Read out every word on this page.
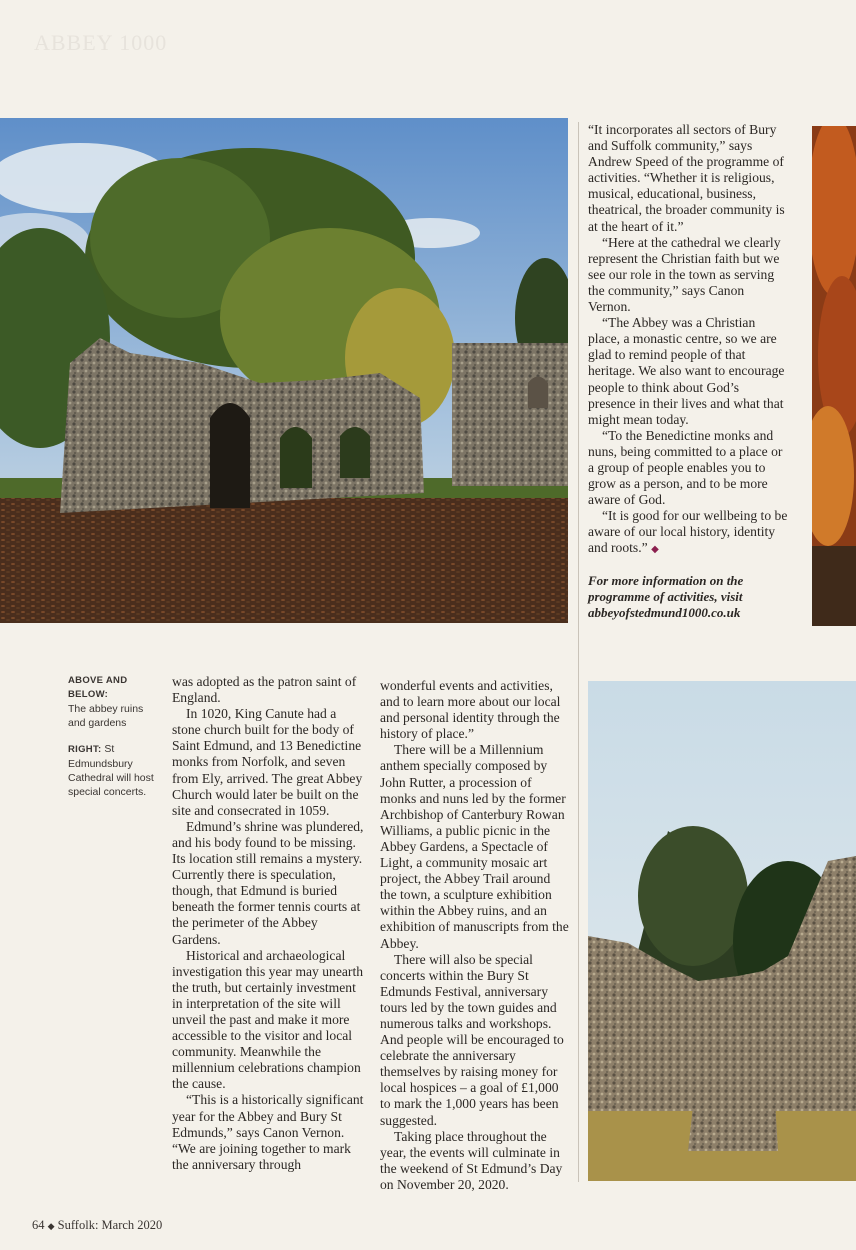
ABBEY 1000

“It incorporates all sectors of Bury and Suffolk community,” says Andrew Speed of the programme of activities. “Whether it is religious, musical, educational, business, theatrical, the broader community is at the heart of it.”

“Here at the cathedral we clearly represent the Christian faith but we see our role in the town as serving the community,” says Canon Vernon.

“The Abbey was a Christian place, a monastic centre, so we are glad to remind people of that heritage. We also want to encourage people to think about God’s presence in their lives and what that might mean today.

“To the Benedictine monks and nuns, being committed to a place or a group of people enables you to grow as a person, and to be more aware of God.

“It is good for our wellbeing to be aware of our local history, identity and roots.” ◆

For more information on the programme of activities, visit abbeyofstedmund1000.co.uk

ABOVE AND BELOW:
The abbey ruins and gardens
RIGHT: St Edmundsbury Cathedral will host special concerts.

was adopted as the patron saint of England.

In 1020, King Canute had a stone church built for the body of Saint Edmund, and 13 Benedictine monks from Norfolk, and seven from Ely, arrived. The great Abbey Church would later be built on the site and consecrated in 1059.

Edmund’s shrine was plundered, and his body found to be missing. Its location still remains a mystery. Currently there is speculation, though, that Edmund is buried beneath the former tennis courts at the perimeter of the Abbey Gardens.

Historical and archaeological investigation this year may unearth the truth, but certainly investment in interpretation of the site will unveil the past and make it more accessible to the visitor and local community. Meanwhile the millennium celebrations champion the cause.

“This is a historically significant year for the Abbey and Bury St Edmunds,” says Canon Vernon. “We are joining together to mark the anniversary through

wonderful events and activities, and to learn more about our local and personal identity through the history of place.”

There will be a Millennium anthem specially composed by John Rutter, a procession of monks and nuns led by the former Archbishop of Canterbury Rowan Williams, a public picnic in the Abbey Gardens, a Spectacle of Light, a community mosaic art project, the Abbey Trail around the town, a sculpture exhibition within the Abbey ruins, and an exhibition of manuscripts from the Abbey.

There will also be special concerts within the Bury St Edmunds Festival, anniversary tours led by the town guides and numerous talks and workshops. And people will be encouraged to celebrate the anniversary themselves by raising money for local hospices – a goal of £1,000 to mark the 1,000 years has been suggested.

Taking place throughout the year, the events will culminate in the weekend of St Edmund’s Day on November 20, 2020.

64 ◆ Suffolk: March 2020
